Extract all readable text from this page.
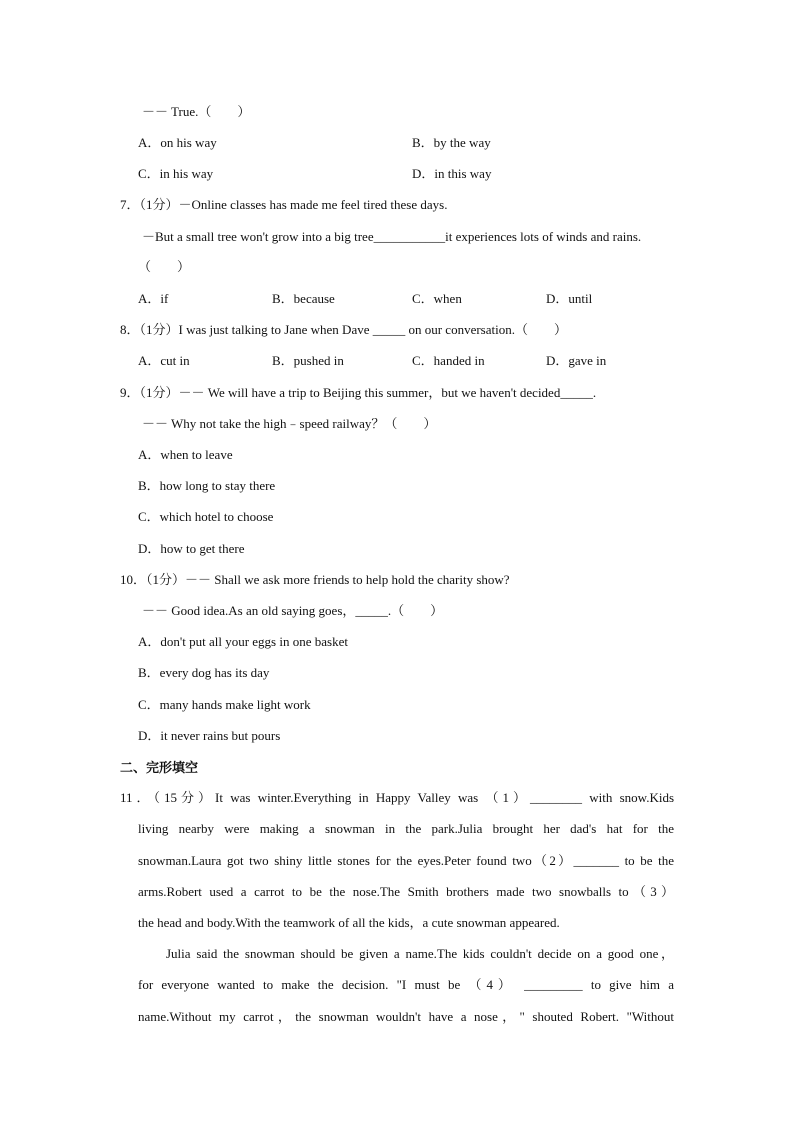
－－ True.（　　）
A．on his way	B．by the way
C．in his way	D．in this way
7．（1分）－Online classes has made me feel tired these days.
－But a small tree won't grow into a big tree___________it experiences lots of winds and rains.
（　　）
A．if	B．because	C．when	D．until
8．（1分）I was just talking to Jane when Dave _____ on our conversation.（　　）
A．cut in	B．pushed in	C．handed in	D．gave in
9．（1分）－－ We will have a trip to Beijing this summer，but we haven't decided_____.
－－ Why not take the high﹣speed railway？（　　）
A．when to leave
B．how long to stay there
C．which hotel to choose
D．how to get there
10．（1分）－－ Shall we ask more friends to help hold the charity show?
－－ Good idea.As an old saying goes，_____.（　　）
A．don't put all your eggs in one basket
B．every dog has its day
C．many hands make light work
D．it never rains but pours
二、完形填空
11．（15分）It was winter.Everything in Happy Valley was （1）________ with snow.Kids
living nearby were making a snowman in the park.Julia brought her dad's hat for the
snowman.Laura got two shiny little stones for the eyes.Peter found two（2）_______ to be the
arms.Robert used a carrot to be the nose.The Smith brothers made two snowballs to（3）
the head and body.With the teamwork of all the kids，a cute snowman appeared.
Julia said the snowman should be given a name.The kids couldn't decide on a good one，
for everyone wanted to make the decision. "I must be （4） _________ to give him a
name.Without my carrot，the snowman wouldn't have a nose，" shouted Robert. "Without
